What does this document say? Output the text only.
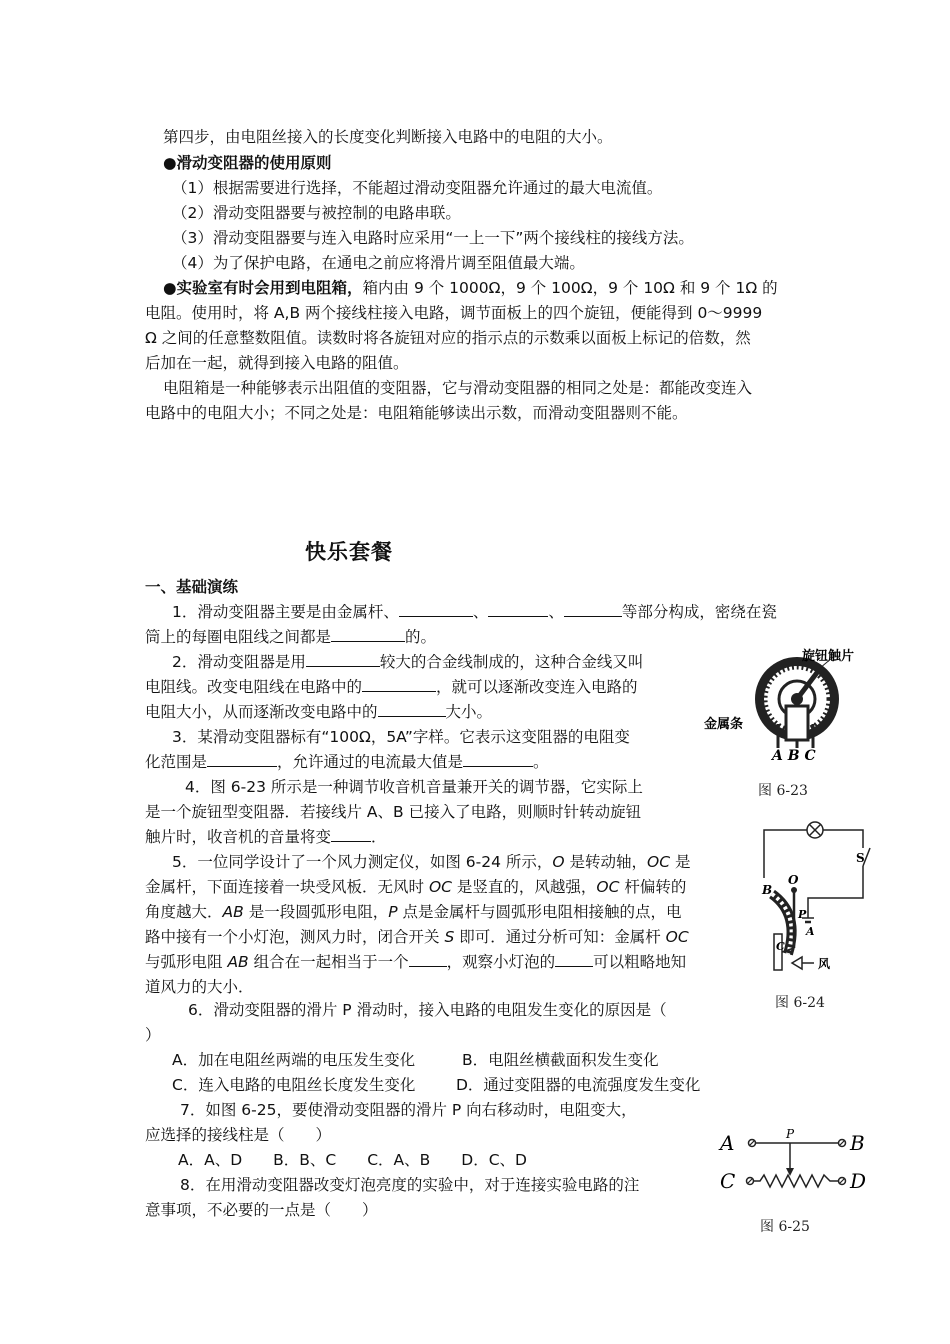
第四步，由电阻丝接入的长度变化判断接入电路中的电阻的大小。
●滑动变阻器的使用原则
（1）根据需要进行选择，不能超过滑动变阻器允许通过的最大电流值。
（2）滑动变阻器要与被控制的电路串联。
（3）滑动变阻器要与连入电路时应采用“一上一下”两个接线柱的接线方法。
（4）为了保护电路，在通电之前应将滑片调至阻值最大端。
●实验室有时会用到电阻箱，箱内由 9 个 1000Ω，9 个 100Ω，9 个 10Ω 和 9 个 1Ω 的
电阻。使用时，将 A,B 两个接线柱接入电路，调节面板上的四个旋钮，便能得到 0～9999
Ω 之间的任意整数阻值。读数时将各旋钮对应的指示点的示数乘以面板上标记的倍数，然
后加在一起，就得到接入电路的阻值。
电阻箱是一种能够表示出阻值的变阻器，它与滑动变阻器的相同之处是：都能改变连入
电路中的电阻大小；不同之处是：电阻箱能够读出示数，而滑动变阻器则不能。
快乐套餐
一、基础演练
1．滑动变阻器主要是由金属杆、	、	、	等部分构成，密绕在瓷
筒上的每圈电阻线之间都是	的。
2．滑动变阻器是用	较大的合金线制成的，这种合金线又叫
电阻线。改变电阻线在电路中的	，就可以逐渐改变连入电路的
电阻大小，从而逐渐改变电路中的	大小。
3．某滑动变阻器标有“100Ω，5A”字样。它表示这变阻器的电阻变
化范围是	，允许通过的电流最大值是	。
4．图 6-23 所示是一种调节收音机音量兼开关的调节器，它实际上
是一个旋钮型变阻器．若接线片 A、B 已接入了电路，则顺时针转动旋钮
触片时，收音机的音量将变	．
5．一位同学设计了一个风力测定仪，如图 6-24 所示，O 是转动轴，OC 是
金属杆，下面连接着一块受风板．无风时 OC 是竖直的，风越强，OC 杆偏转的
角度越大．AB 是一段圆弧形电阻，P 点是金属杆与圆弧形电阻相接触的点，电
路中接有一个小灯泡，测风力时，闭合开关 S 即可．通过分析可知：金属杆 OC
与弧形电阻 AB 组合在一起相当于一个 ，观察小灯泡的 可以粗略地知
道风力的大小．
6．滑动变阻器的滑片 P 滑动时，接入电路的电阻发生变化的原因是（
）
A．加在电阻丝两端的电压发生变化	B．电阻丝横截面积发生变化
C．连入电路的电阻丝长度发生变化	D．通过变阻器的电流强度发生变化
7．如图 6-25，要使滑动变阻器的滑片 P 向右移动时，电阻变大，
应选择的接线柱是（　　）
A．A、D　　B．B、C　　C．A、B　　D．C、D
8．在用滑动变阻器改变灯泡亮度的实验中，对于连接实验电路的注
意事项，不必要的一点是（　　）
旋钮触片
金属条
A B C
图 6-23
S
B
O
P
A
C
风
图 6-24
A	B
C	D
P
图 6-25
